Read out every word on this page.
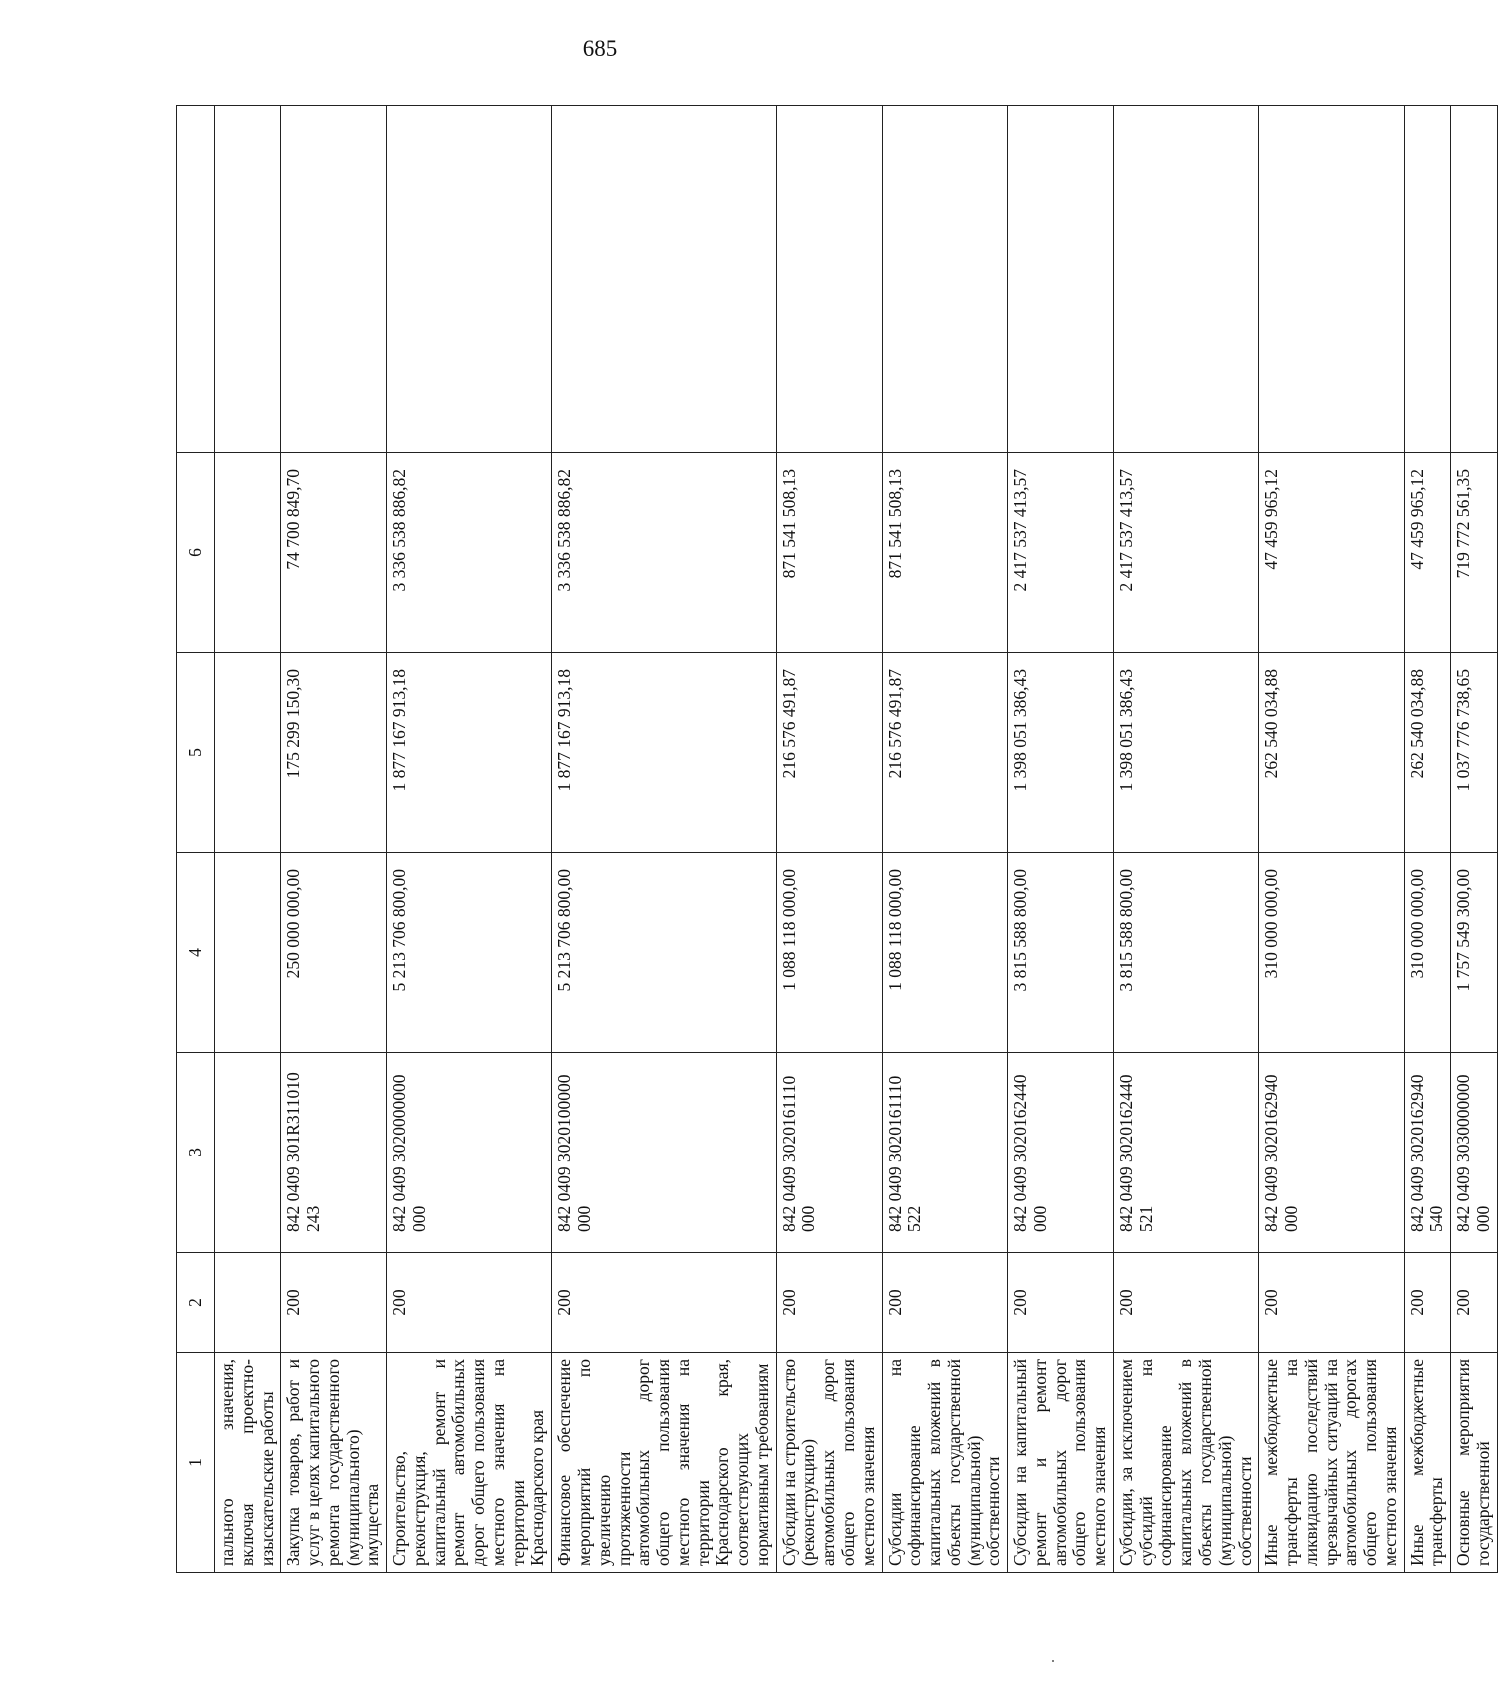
685
1	2	3	4	5	6	
пального значения, включая проектно-изыскательские работы						
Закупка товаров, работ и услуг в целях капитального ремонта государственного (муниципального) имущества	200	842 0409 301R311010 243	250 000 000,00	175 299 150,30	74 700 849,70	
Строительство, реконструкция, капитальный ремонт и ремонт автомобильных дорог общего пользования местного значения на территории Краснодарского края	200	842 0409 3020000000 000	5 213 706 800,00	1 877 167 913,18	3 336 538 886,82	
Финансовое обеспечение мероприятий по увеличению протяженности автомобильных дорог общего пользования местного значения на территории Краснодарского края, соответствующих нормативным требованиям	200	842 0409 3020100000 000	5 213 706 800,00	1 877 167 913,18	3 336 538 886,82	
Субсидии на строительство (реконструкцию) автомобильных дорог общего пользования местного значения	200	842 0409 3020161110 000	1 088 118 000,00	216 576 491,87	871 541 508,13	
Субсидии на софинансирование капитальных вложений в объекты государственной (муниципальной) собственности	200	842 0409 3020161110 522	1 088 118 000,00	216 576 491,87	871 541 508,13	
Субсидии на капитальный ремонт и ремонт автомобильных дорог общего пользования местного значения	200	842 0409 3020162440 000	3 815 588 800,00	1 398 051 386,43	2 417 537 413,57	
Субсидии, за исключением субсидий на софинансирование капитальных вложений в объекты государственной (муниципальной) собственности	200	842 0409 3020162440 521	3 815 588 800,00	1 398 051 386,43	2 417 537 413,57	
Иные межбюджетные трансферты на ликвидацию последствий чрезвычайных ситуаций на автомобильных дорогах общего пользования местного значения	200	842 0409 3020162940 000	310 000 000,00	262 540 034,88	47 459 965,12	
Иные межбюджетные трансферты	200	842 0409 3020162940 540	310 000 000,00	262 540 034,88	47 459 965,12	
Основные мероприятия государственной	200	842 0409 3030000000 000	1 757 549 300,00	1 037 776 738,65	719 772 561,35	
